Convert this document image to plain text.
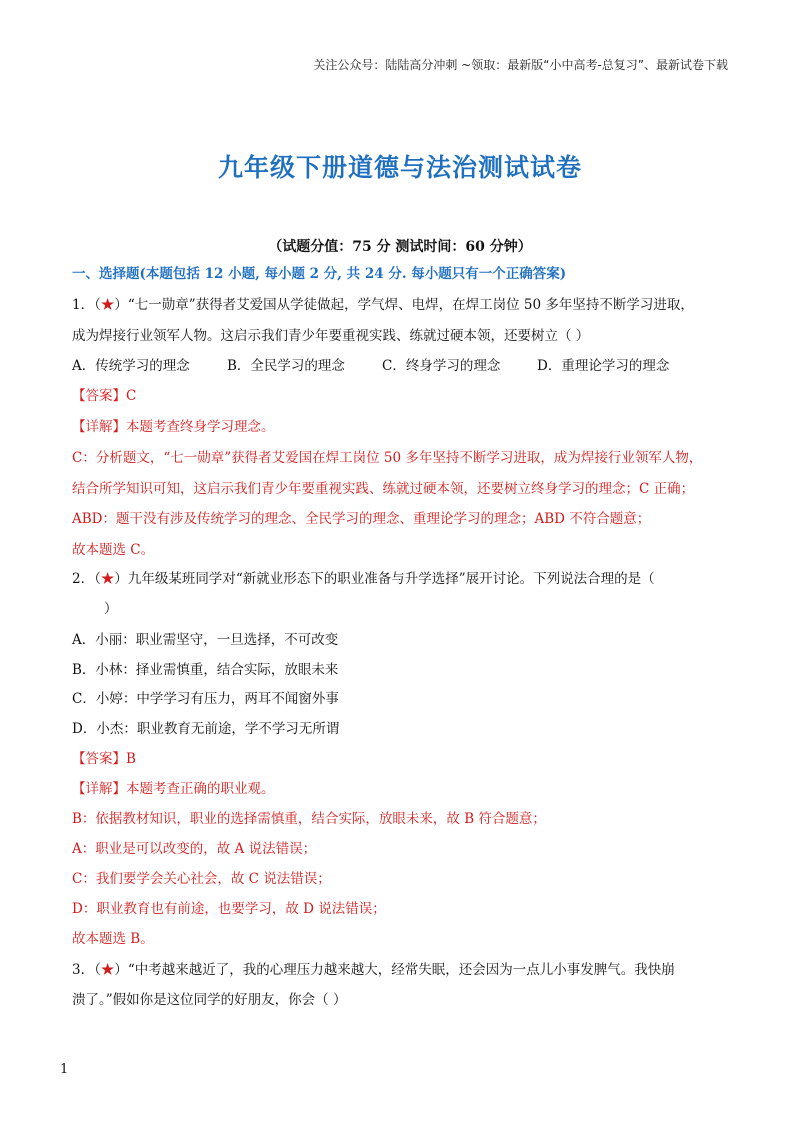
关注公众号：陆陆高分冲刺 ~领取：最新版“小中高考-总复习”、最新试卷下载
九年级下册道德与法治测试试卷
（试题分值：75 分 测试时间：60 分钟）
一、选择题(本题包括 12 小题, 每小题 2 分, 共 24 分. 每小题只有一个正确答案)
1．（★）“七一勋章”获得者艾爱国从学徒做起，学气焊、电焊，在焊工岗位 50 多年坚持不断学习进取，
成为焊接行业领军人物。这启示我们青少年要重视实践、练就过硬本领，还要树立（ ）
A．传统学习的理念	B．全民学习的理念	C．终身学习的理念	D．重理论学习的理念
【答案】C
【详解】本题考查终身学习理念。
C：分析题文，“七一勋章”获得者艾爱国在焊工岗位 50 多年坚持不断学习进取，成为焊接行业领军人物，
结合所学知识可知，这启示我们青少年要重视实践、练就过硬本领，还要树立终身学习的理念；C 正确；
ABD：题干没有涉及传统学习的理念、全民学习的理念、重理论学习的理念；ABD 不符合题意；
故本题选 C。
2．（★）九年级某班同学对“新就业形态下的职业准备与升学选择”展开讨论。下列说法合理的是（
）
A．小丽：职业需坚守，一旦选择，不可改变
B．小林：择业需慎重，结合实际，放眼未来
C．小婷：中学学习有压力，两耳不闻窗外事
D．小杰：职业教育无前途，学不学习无所谓
【答案】B
【详解】本题考查正确的职业观。
B：依据教材知识，职业的选择需慎重，结合实际，放眼未来，故 B 符合题意；
A：职业是可以改变的，故 A 说法错误；
C：我们要学会关心社会，故 C 说法错误；
D：职业教育也有前途，也要学习，故 D 说法错误；
故本题选 B。
3．（★）“中考越来越近了，我的心理压力越来越大，经常失眠，还会因为一点儿小事发脾气。我快崩
溃了。”假如你是这位同学的好朋友，你会（ ）
1
